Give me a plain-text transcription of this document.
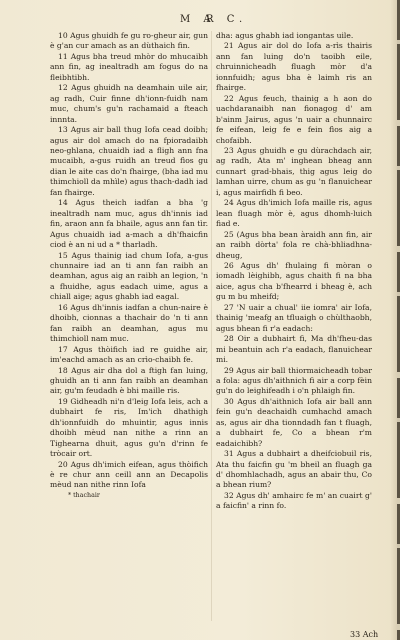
M A
R C.

10 Agus ghuidh fe gu ro-gheur air, gun è g'an cur amach as an dùthaich fin.

11 Agus bha treud mhòr do mhucaibh ann fin, ag inealtradh am fogus do na fleibhtibh.

12 Agus ghuidh na deamhain uile air, ag radh, Cuir finne dh'ionn-fuidh nam muc, chum's gu'n rachamaid a fteach innnta.

13 Agus air ball thug Iofa cead doibh; agus air dol amach do na fpioradaibh neo-ghlana, chuaidh iad a fligh ann fna mucaibh, a-gus ruidh an treud fìos gu dian le aite cas do'n fhairge, (bha iad mu thimchioll da mhìle) agus thach-dadh iad fan fhairge.

14 Agus theich iadfan a bha 'g inealtradh nam muc, agus dh'innis iad fin, araon ann fa bhaile, agus ann fan tìr. Agus chuaidh iad a-mach a dh'fhaicfin ciod è an ni ud a * tharladh.

15 Agus thainig iad chum Iofa, a-gus chunnaire iad an ti ann fan raibh an deamhan, agus aig an raibh an legion, 'n a fhuidhe, agus eadach uime, agus a chiall aige; agus ghabh iad eagal.

16 Agus dh'innis iadfan a chun-naire è dhoibh, cionnas a thachair do 'n ti ann fan raibh an deamhan, agus mu thimchioll nam muc.

17 Agus thòifich iad re guidhe air, im'eachd amach as an crìo-chaibh fe.

18 Agus air dha dol a ftigh fan luing, ghuidh an ti ann fan raibh an deamhan air, gu'm feudadh è bhi maille ris.

19 Gidheadh ni'n d'leig Iofa leis, ach a dubhairt fe ris, Im'ich dhathigh dh'ionnfuidh do mhuintir, agus innis dhoibh mèud nan nithe a rinn an Tighearna dhuit, agus gu'n d'rinn fe tròcair ort.

20 Agus dh'imich eifean, agus thòifich è re chur ann ceill ann an Decapolis mèud nan nithe rinn Iofa

* thachair

dha: agus ghabh iad iongantas uile.

21 Agus air dol do Iofa a-rìs thairis ann fan luing do'n taoibh eile, chruinnicheadh fluagh mòr d'a ionnfuidh; agus bha è laimh ris an fhairge.

22 Agus feuch, thainig a h aon do uachdaranaibh nan fionagog d' am b'ainm Jairus, agus 'n uair a chunnairc fe eifean, leig fe e fein fìos aig a chofaibh.

23 Agus ghuidh e gu dùrachdach air, ag radh, Ata m' inghean bheag ann cunnart grad-bhais, thig agus leig do lamhan uirre, chum as gu 'n flanuichear i, agus mairfidh fi beo.

24 Agus dh'imich Iofa maille ris, agus lean fluagh mòr è, agus dhomh-luich fiad e.

25 (Agus bha bean àraidh ann fin, air an raibh dòrta' fola re chà-bhliadhna-dheug,

26 Agus dh' fhulaing fi mòran o iomadh lèighibh, agus chaith fi na bha aice, agus cha b'fhearrd i bheag è, ach gu m bu mheifd;

27 'N uair a chual' iie iomra' air Iofa, thainig 'meafg an tfluaigh o chùlthaobh, agus bhean fi r'a eadach:

28 Oir a dubhairt fi, Ma dh'fheu-das mi beantuin ach r'a eadach, flanuichear mi.

29 Agus air ball thiormaicheadh tobar a fola: agus dh'aithnich fi air a corp fèin gu'n do leighifeadh i o'n phlaigh fin.

30 Agus dh'aithnich Iofa air ball ann fein gu'n deachaidh cumhachd amach as, agus air dha tionndadh fan t fluagh, a dubhairt fe, Co a bhean r'm eadaichibh?

31 Agus a dubhairt a dheifciobuil ris, Ata thu faicfin gu 'm bheil an fluagh ga d' dhomhlachadh, agus an abair thu, Co a bhean rium?

32 Agus dh' amhairc fe m' an cuairt g' a faicfin' a rinn fo.

33 Ach
